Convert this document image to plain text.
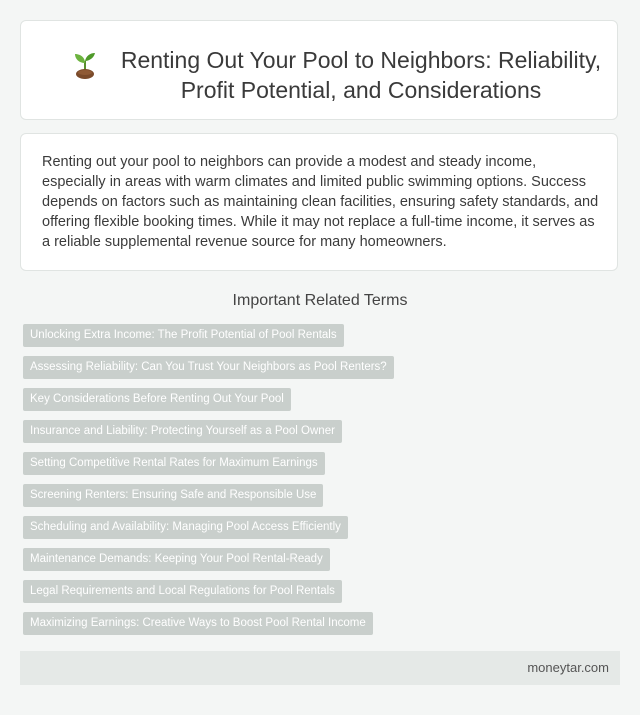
Renting Out Your Pool to Neighbors: Reliability, Profit Potential, and Considerations

Renting out your pool to neighbors can provide a modest and steady income, especially in areas with warm climates and limited public swimming options. Success depends on factors such as maintaining clean facilities, ensuring safety standards, and offering flexible booking times. While it may not replace a full-time income, it serves as a reliable supplemental revenue source for many homeowners.

Important Related Terms
Unlocking Extra Income: The Profit Potential of Pool Rentals
Assessing Reliability: Can You Trust Your Neighbors as Pool Renters?
Key Considerations Before Renting Out Your Pool
Insurance and Liability: Protecting Yourself as a Pool Owner
Setting Competitive Rental Rates for Maximum Earnings
Screening Renters: Ensuring Safe and Responsible Use
Scheduling and Availability: Managing Pool Access Efficiently
Maintenance Demands: Keeping Your Pool Rental-Ready
Legal Requirements and Local Regulations for Pool Rentals
Maximizing Earnings: Creative Ways to Boost Pool Rental Income
moneytar.com
